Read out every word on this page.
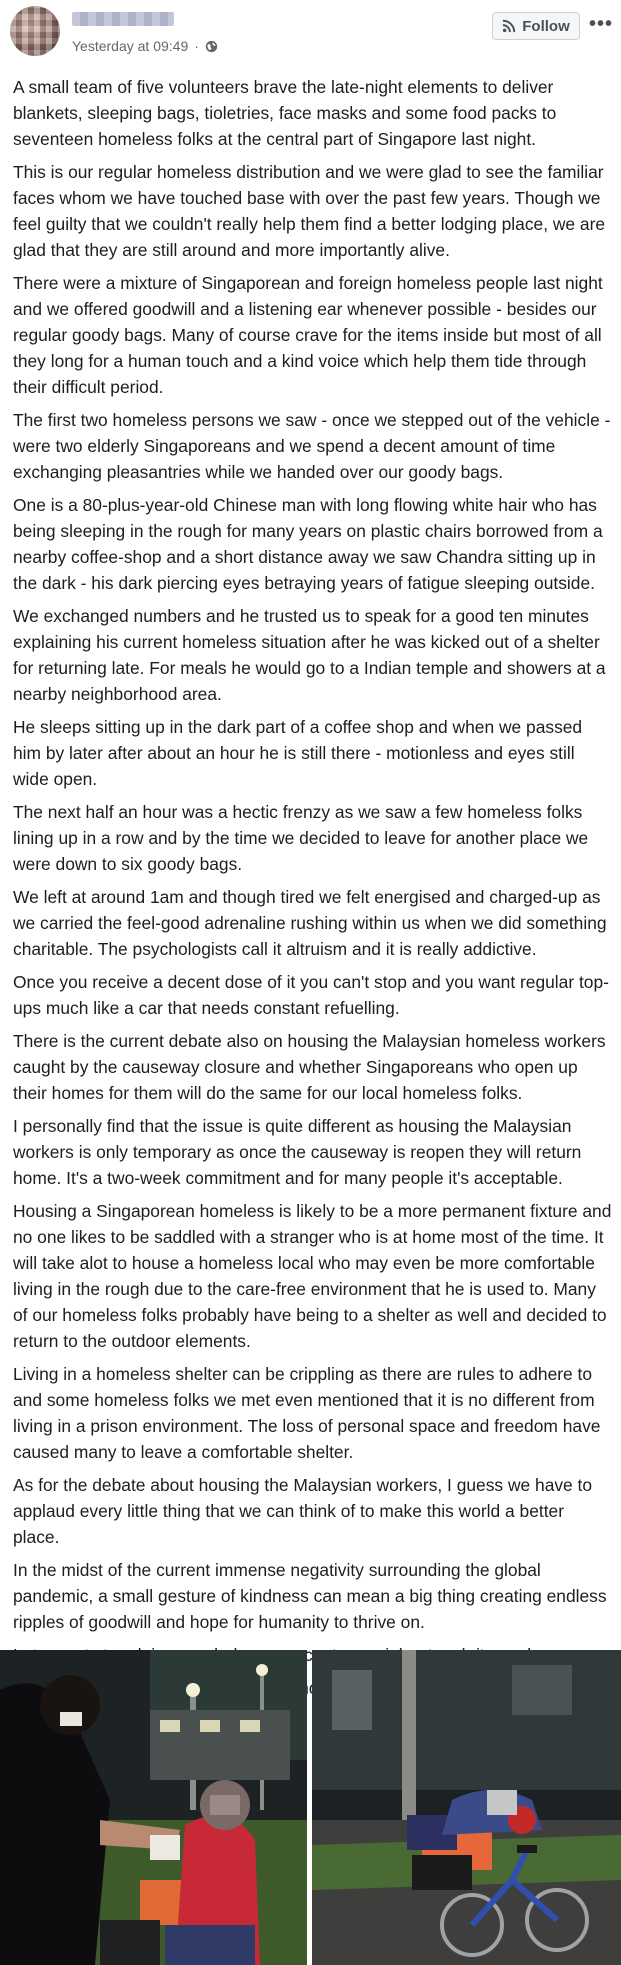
Yesterday at 09:49 ·
Follow •••

A small team of five volunteers brave the late-night elements to deliver blankets, sleeping bags, tioletries, face masks and some food packs to seventeen homeless folks at the central part of Singapore last night.

This is our regular homeless distribution and we were glad to see the familiar faces whom we have touched base with over the past few years. Though we feel guilty that we couldn't really help them find a better lodging place, we are glad that they are still around and more importantly alive.

There were a mixture of Singaporean and foreign homeless people last night and we offered goodwill and a listening ear whenever possible - besides our regular goody bags. Many of course crave for the items inside but most of all they long for a human touch and a kind voice which help them tide through their difficult period.

The first two homeless persons we saw - once we stepped out of the vehicle - were two elderly Singaporeans and we spend a decent amount of time exchanging pleasantries while we handed over our goody bags.

One is a 80-plus-year-old Chinese man with long flowing white hair who has being sleeping in the rough for many years on plastic chairs borrowed from a nearby coffee-shop and a short distance away we saw Chandra sitting up in the dark - his dark piercing eyes betraying years of fatigue sleeping outside.

We exchanged numbers and he trusted us to speak for a good ten minutes explaining his current homeless situation after he was kicked out of a shelter for returning late. For meals he would go to a Indian temple and showers at a nearby neighborhood area.

He sleeps sitting up in the dark part of a coffee shop and when we passed him by later after about an hour he is still there - motionless and eyes still wide open.

The next half an hour was a hectic frenzy as we saw a few homeless folks lining up in a row and by the time we decided to leave for another place we were down to six goody bags.

We left at around 1am and though tired we felt energised and charged-up as we carried the feel-good adrenaline rushing within us when we did something charitable. The psychologists call it altruism and it is really addictive.

Once you receive a decent dose of it you can't stop and you want regular top-ups much like a car that needs constant refuelling.

There is the current debate also on housing the Malaysian homeless workers caught by the causeway closure and whether Singaporeans who open up their homes for them will do the same for our local homeless folks.

I personally find that the issue is quite different as housing the Malaysian workers is only temporary as once the causeway is reopen they will return home. It's a two-week commitment and for many people it's acceptable.

Housing a Singaporean homeless is likely to be a more permanent fixture and no one likes to be saddled with a stranger who is at home most of the time. It will take alot to house a homeless local who may even be more comfortable living in the rough due to the care-free environment that he is used to. Many of our homeless folks probably have being to a shelter as well and decided to return to the outdoor elements.

Living in a homeless shelter can be crippling as there are rules to adhere to and some homeless folks we met even mentioned that it is no different from living in a prison environment. The loss of personal space and freedom have caused many to leave a comfortable shelter.

As for the debate about housing the Malaysian workers, I guess we have to applaud every little thing that we can think of to make this world a better place.

In the midst of the current immense negativity surrounding the global pandemic, a small gesture of kindness can mean a big thing creating endless ripples of goodwill and hope for humanity to thrive on.
